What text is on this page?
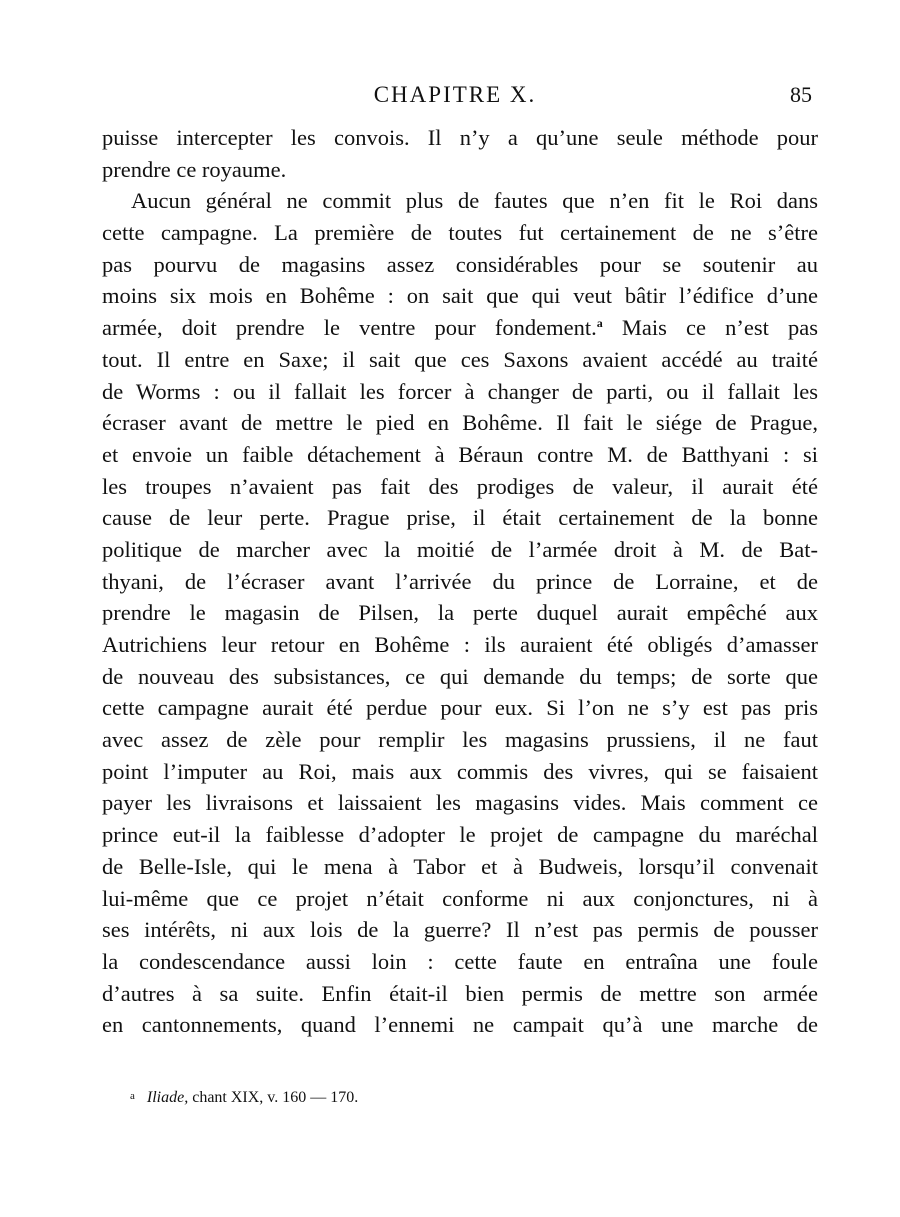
CHAPITRE X.	85
puisse intercepter les convois. Il n’y a qu’une seule méthode pour
prendre ce royaume.
Aucun général ne commit plus de fautes que n’en fit le Roi dans
cette campagne. La première de toutes fut certainement de ne s’être
pas pourvu de magasins assez considérables pour se soutenir au
moins six mois en Bohême : on sait que qui veut bâtir l’édifice d’une
armée, doit prendre le ventre pour fondement.$^a$ Mais ce n’est pas
tout. Il entre en Saxe; il sait que ces Saxons avaient accédé au traité
de Worms : ou il fallait les forcer à changer de parti, ou il fallait les
écraser avant de mettre le pied en Bohême. Il fait le siége de Prague,
et envoie un faible détachement à Béraun contre M. de Batthyani : si
les troupes n’avaient pas fait des prodiges de valeur, il aurait été
cause de leur perte. Prague prise, il était certainement de la bonne
politique de marcher avec la moitié de l’armée droit à M. de Bat-
thyani, de l’écraser avant l’arrivée du prince de Lorraine, et de
prendre le magasin de Pilsen, la perte duquel aurait empêché aux
Autrichiens leur retour en Bohême : ils auraient été obligés d’amasser
de nouveau des subsistances, ce qui demande du temps; de sorte que
cette campagne aurait été perdue pour eux. Si l’on ne s’y est pas pris
avec assez de zèle pour remplir les magasins prussiens, il ne faut
point l’imputer au Roi, mais aux commis des vivres, qui se faisaient
payer les livraisons et laissaient les magasins vides. Mais comment ce
prince eut-il la faiblesse d’adopter le projet de campagne du maréchal
de Belle-Isle, qui le mena à Tabor et à Budweis, lorsqu’il convenait
lui-même que ce projet n’était conforme ni aux conjonctures, ni à
ses intérêts, ni aux lois de la guerre? Il n’est pas permis de pousser
la condescendance aussi loin : cette faute en entraîna une foule
d’autres à sa suite. Enfin était-il bien permis de mettre son armée
en cantonnements, quand l’ennemi ne campait qu’à une marche de
a Iliade, chant XIX, v. 160 — 170.
